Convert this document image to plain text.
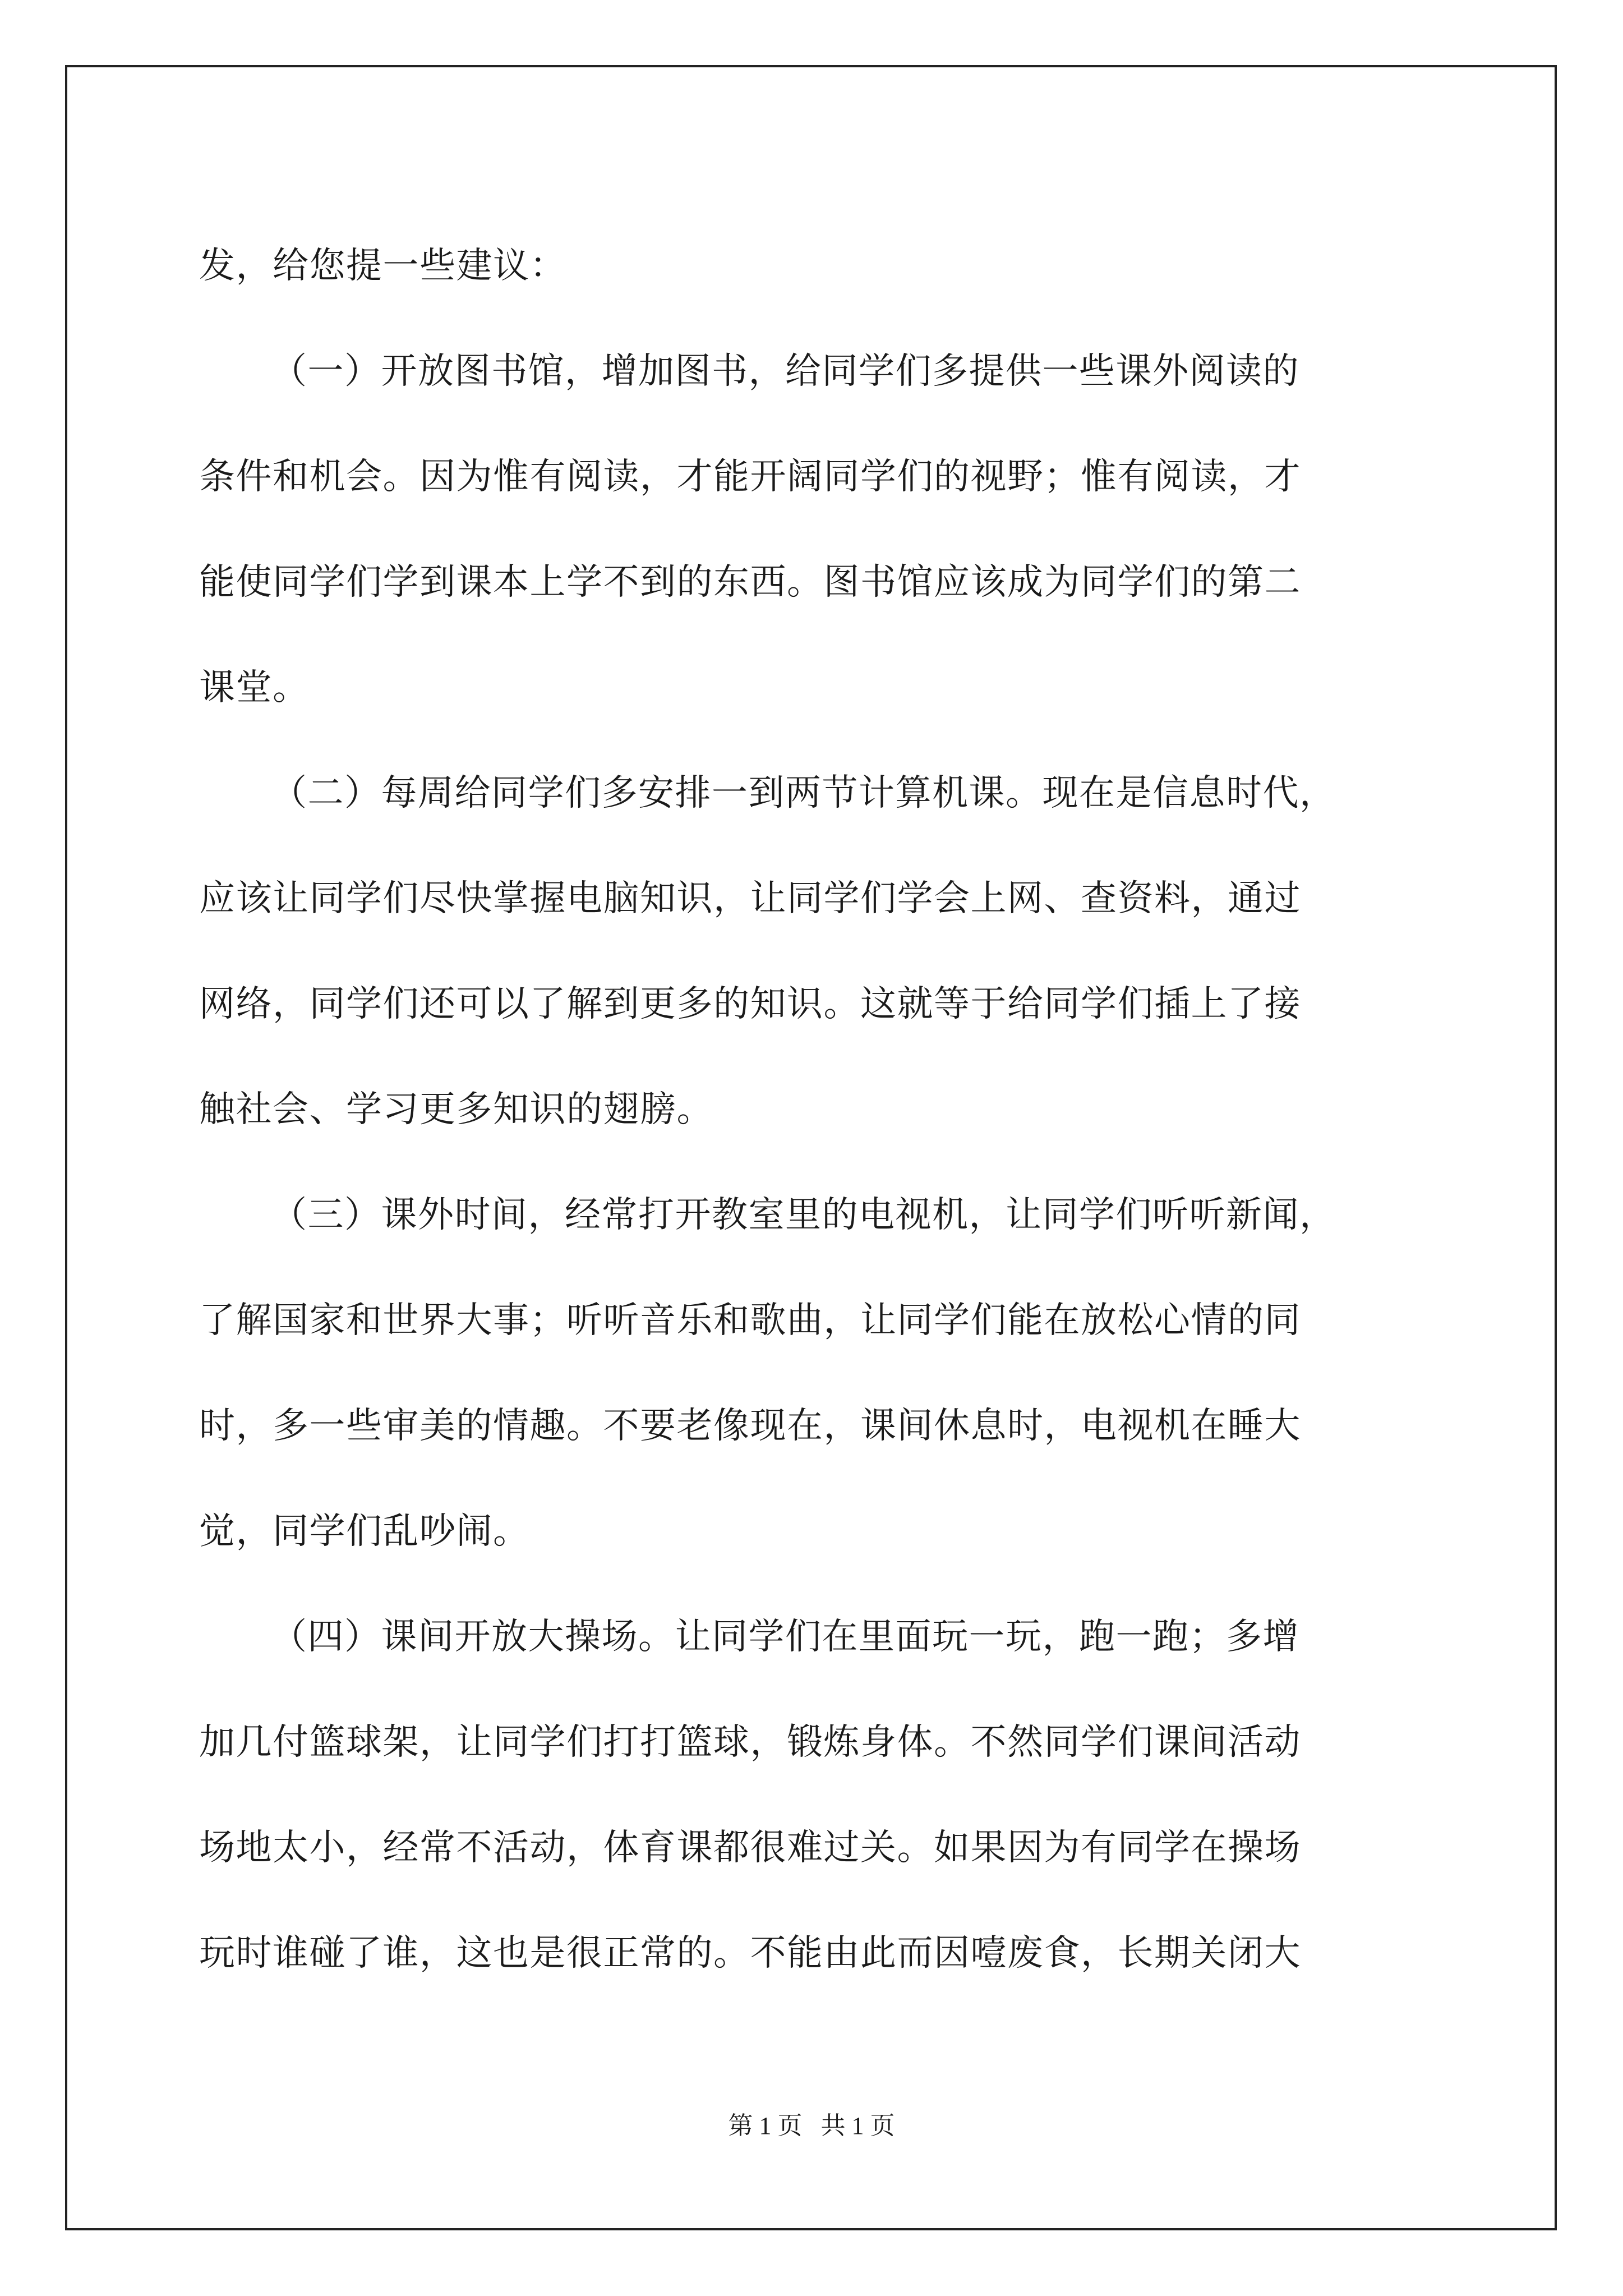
发，给您提一些建议：
（一）开放图书馆，增加图书，给同学们多提供一些课外阅读的
条件和机会。因为惟有阅读，才能开阔同学们的视野；惟有阅读，才
能使同学们学到课本上学不到的东西。图书馆应该成为同学们的第二
课堂。
（二）每周给同学们多安排一到两节计算机课。现在是信息时代，
应该让同学们尽快掌握电脑知识，让同学们学会上网、查资料，通过
网络，同学们还可以了解到更多的知识。这就等于给同学们插上了接
触社会、学习更多知识的翅膀。
（三）课外时间，经常打开教室里的电视机，让同学们听听新闻，
了解国家和世界大事；听听音乐和歌曲，让同学们能在放松心情的同
时，多一些审美的情趣。不要老像现在，课间休息时，电视机在睡大
觉，同学们乱吵闹。
（四）课间开放大操场。让同学们在里面玩一玩，跑一跑；多增
加几付篮球架，让同学们打打篮球，锻炼身体。不然同学们课间活动
场地太小，经常不活动，体育课都很难过关。如果因为有同学在操场
玩时谁碰了谁，这也是很正常的。不能由此而因噎废食，长期关闭大
第 1 页   共 1 页
